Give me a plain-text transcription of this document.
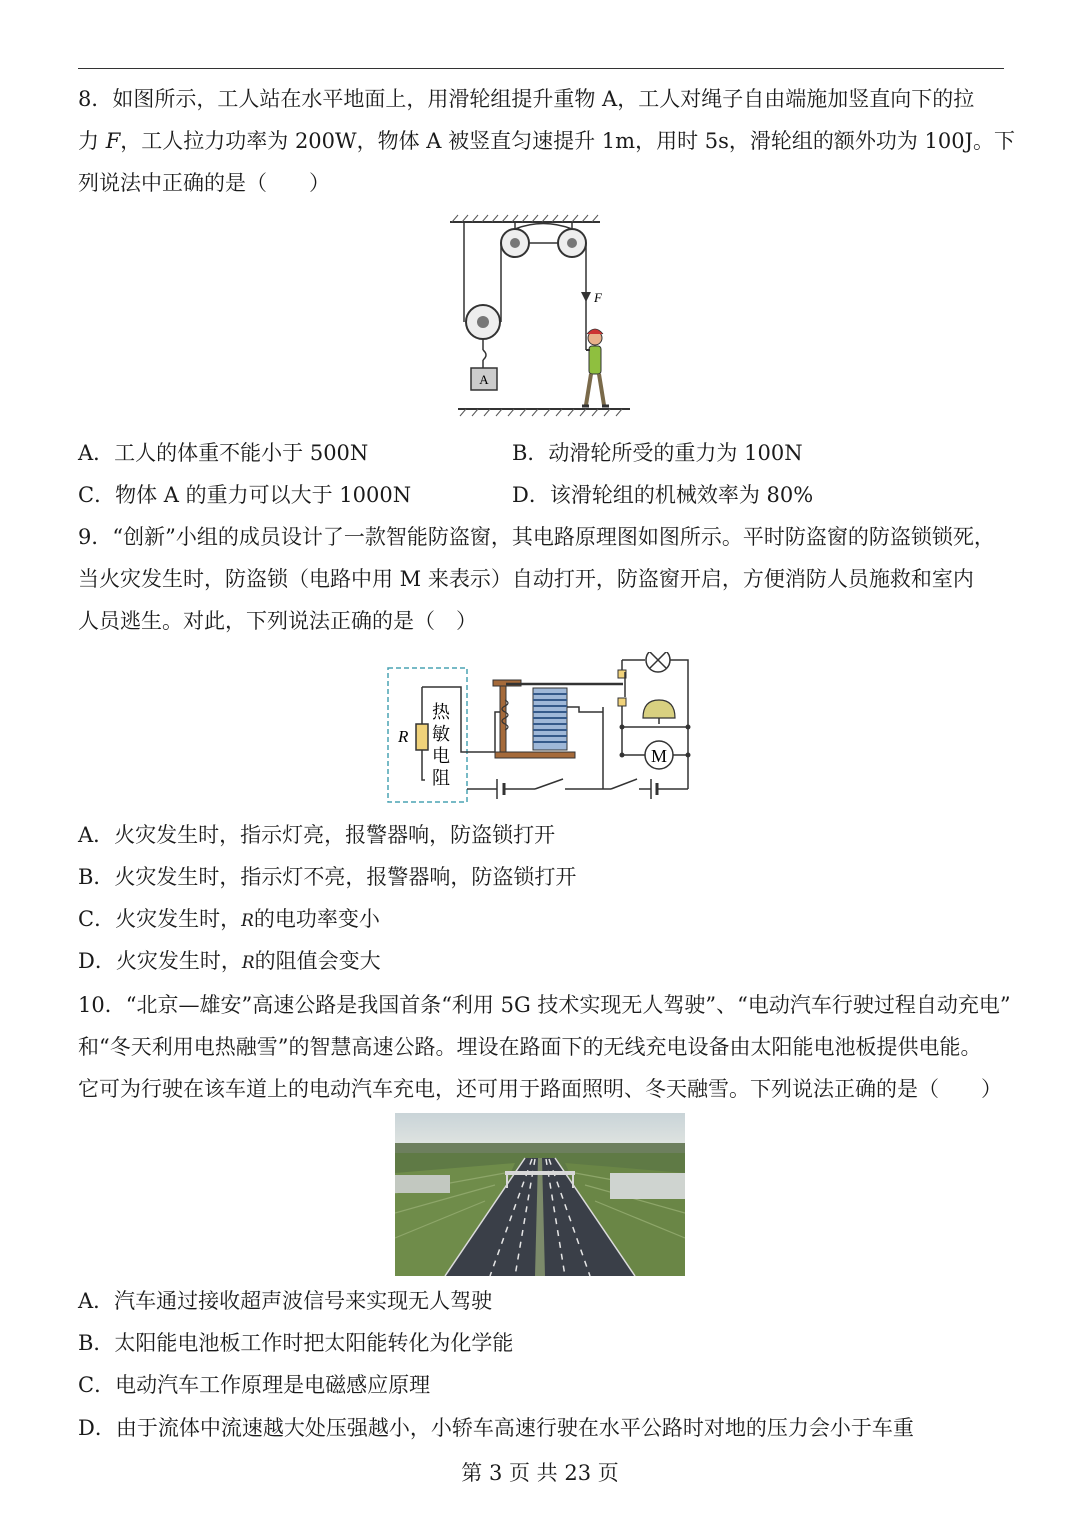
8．如图所示，工人站在水平地面上，用滑轮组提升重物 A，工人对绳子自由端施加竖直向下的拉
力 F，工人拉力功率为 200W，物体 A 被竖直匀速提升 1m，用时 5s，滑轮组的额外功为 100J。下
列说法中正确的是（　　）
A
F
A．工人的体重不能小于 500N	B．动滑轮所受的重力为 100N
C．物体 A 的重力可以大于 1000N	D．该滑轮组的机械效率为 80%
9．“创新”小组的成员设计了一款智能防盗窗，其电路原理图如图所示。平时防盗窗的防盗锁锁死，
当火灾发生时，防盗锁（电路中用 M 来表示）自动打开，防盗窗开启，方便消防人员施救和室内
人员逃生。对此，下列说法正确的是（　）
R
热
敏
电
阻
M
A．火灾发生时，指示灯亮，报警器响，防盗锁打开
B．火灾发生时，指示灯不亮，报警器响，防盗锁打开
C．火灾发生时，R的电功率变小
D．火灾发生时，R的阻值会变大
10．“北京—雄安”高速公路是我国首条“利用 5G 技术实现无人驾驶”、“电动汽车行驶过程自动充电”
和“冬天利用电热融雪”的智慧高速公路。埋设在路面下的无线充电设备由太阳能电池板提供电能。
它可为行驶在该车道上的电动汽车充电，还可用于路面照明、冬天融雪。下列说法正确的是（　　）
A．汽车通过接收超声波信号来实现无人驾驶
B．太阳能电池板工作时把太阳能转化为化学能
C．电动汽车工作原理是电磁感应原理
D．由于流体中流速越大处压强越小，小轿车高速行驶在水平公路时对地的压力会小于车重
第 3 页 共 23 页
